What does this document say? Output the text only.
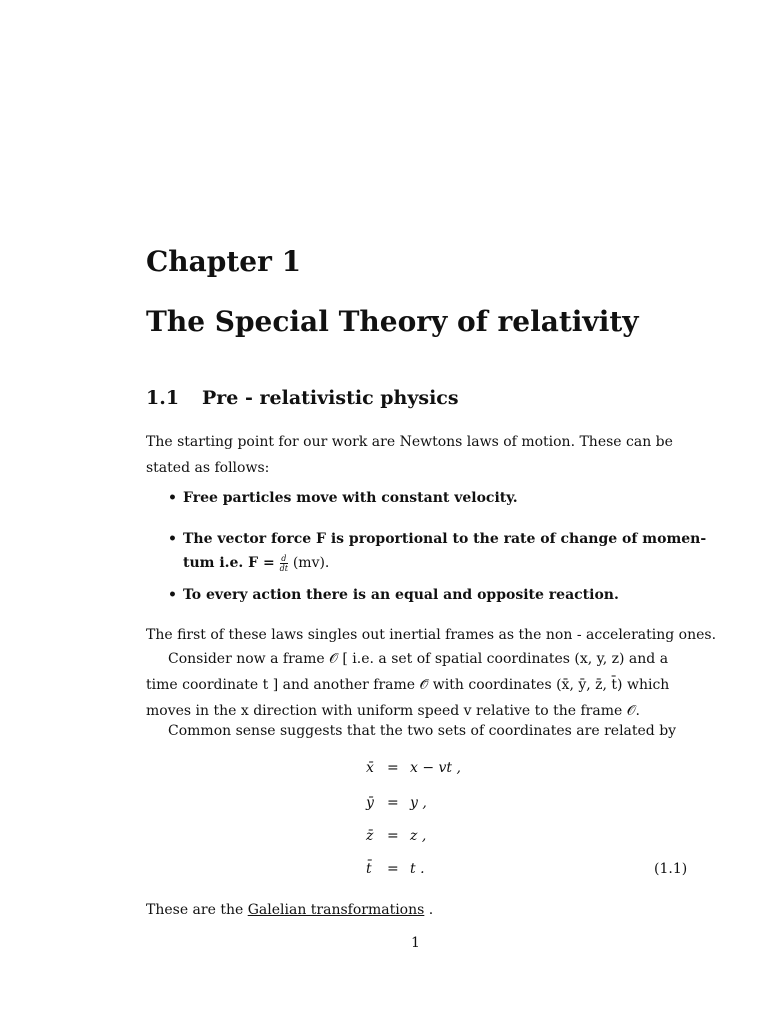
Chapter 1
The Special Theory of relativity
1.1 Pre - relativistic physics
The starting point for our work are Newtons laws of motion. These can be stated as follows:
• Free particles move with constant velocity.
• The vector force F is proportional to the rate of change of momen-
tum i.e. $F = \frac{d}{dt} (mv)$.
• To every action there is an equal and opposite reaction.
The first of these laws singles out inertial frames as the non - accelerating ones.
Consider now a frame 𝒪 [ i.e. a set of spatial coordinates (x, y, z) and a time coordinate t ] and another frame 𝒪̄ with coordinates (x̄, ȳ, z̄, t̄) which moves in the x direction with uniform speed v relative to the frame 𝒪.
Common sense suggests that the two sets of coordinates are related by
x̄ = x − vt ,
ȳ = y ,
z̄ = z ,
t̄ = t .	(1.1)
These are the Galelian transformations .
1
